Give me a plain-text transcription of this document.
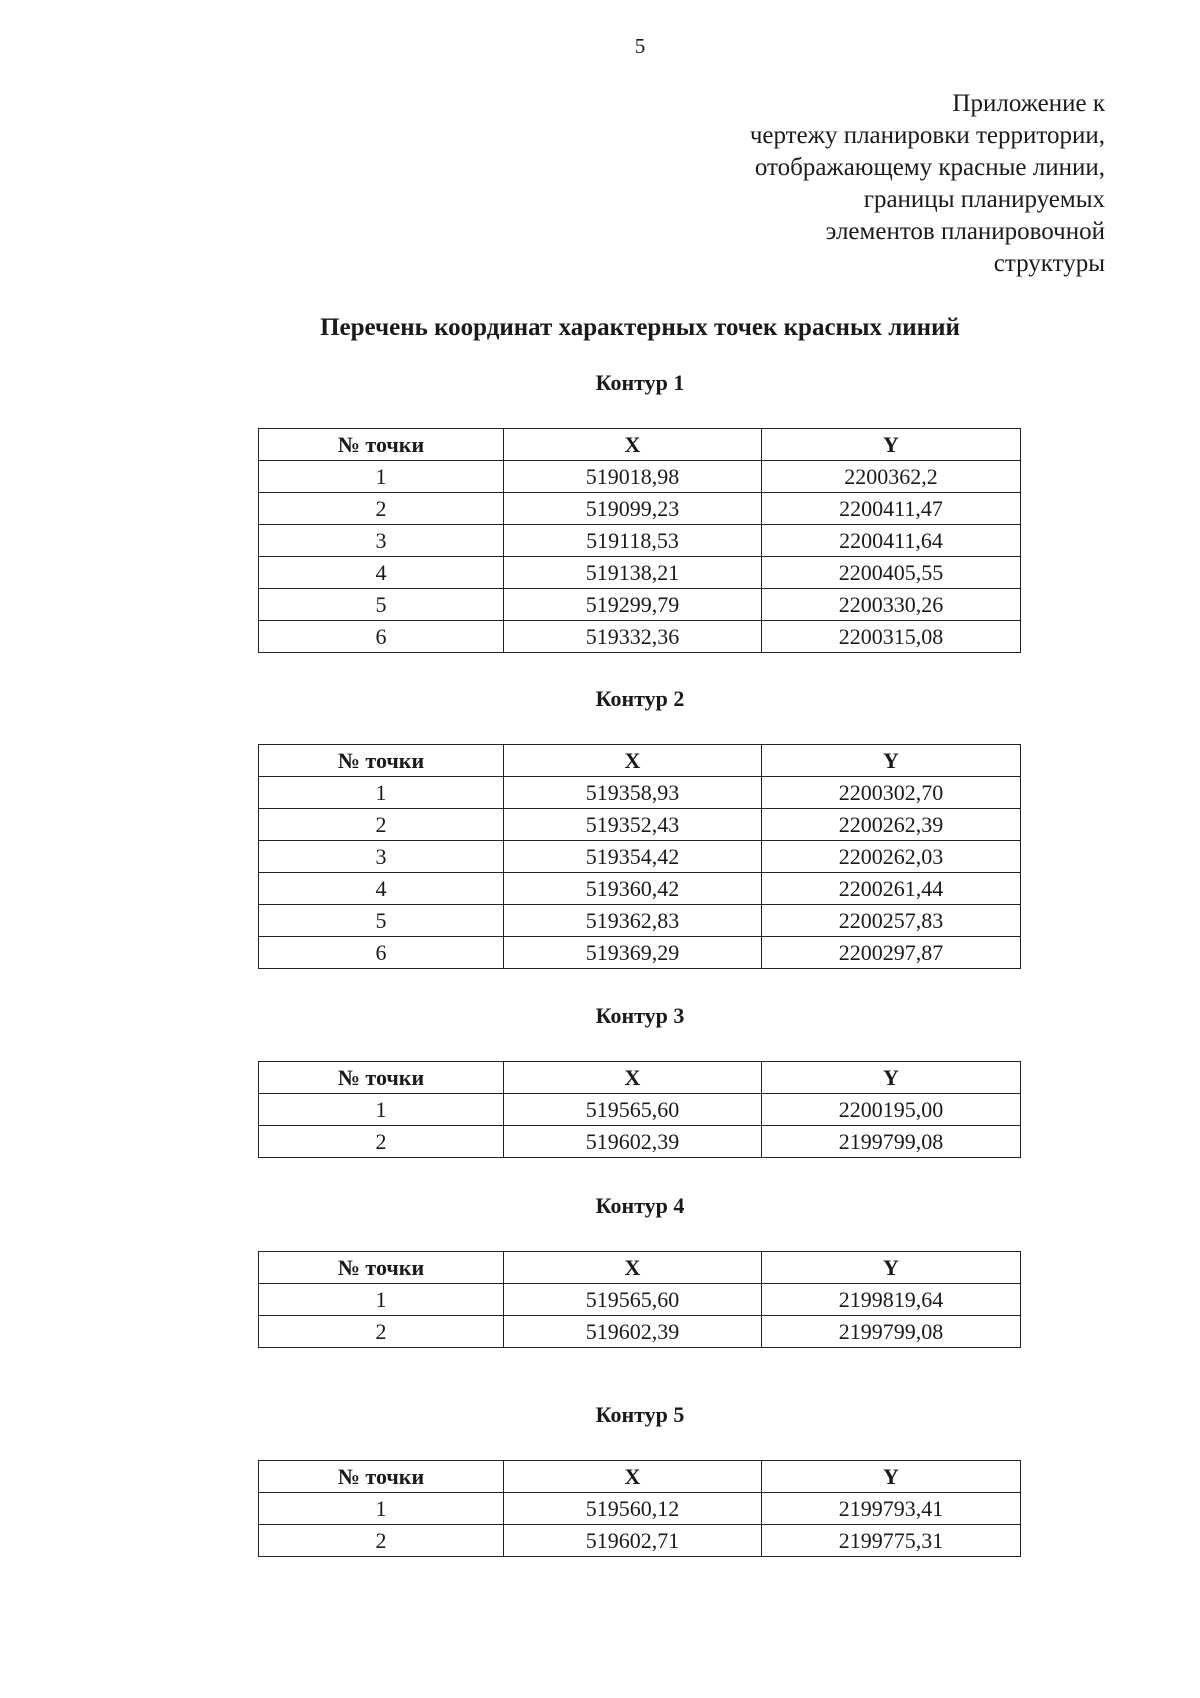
5
Приложение к
чертежу планировки территории,
отображающему красные линии,
границы планируемых
элементов планировочной
структуры
Перечень координат характерных точек красных линий
Контур 1
№ точки	X	Y
1	519018,98	2200362,2
2	519099,23	2200411,47
3	519118,53	2200411,64
4	519138,21	2200405,55
5	519299,79	2200330,26
6	519332,36	2200315,08
Контур 2
№ точки	X	Y
1	519358,93	2200302,70
2	519352,43	2200262,39
3	519354,42	2200262,03
4	519360,42	2200261,44
5	519362,83	2200257,83
6	519369,29	2200297,87
Контур 3
№ точки	X	Y
1	519565,60	2200195,00
2	519602,39	2199799,08
Контур 4
№ точки	X	Y
1	519565,60	2199819,64
2	519602,39	2199799,08
Контур 5
№ точки	X	Y
1	519560,12	2199793,41
2	519602,71	2199775,31
